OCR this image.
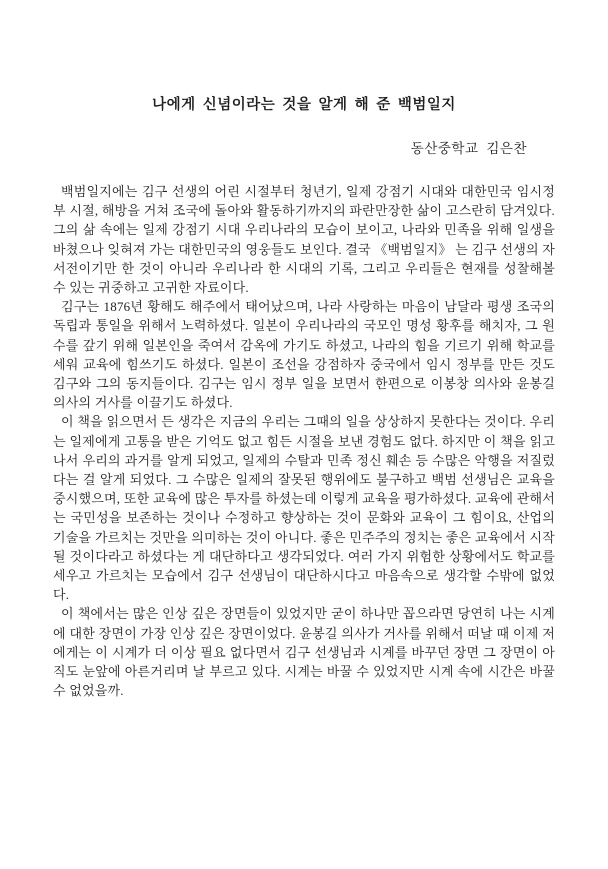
나에게 신념이라는 것을 알게 해 준 백범일지
동산중학교 김은찬

백범일지에는 김구 선생의 어린 시절부터 청년기, 일제 강점기 시대와 대한민국 임시정부 시절, 해방을 거쳐 조국에 돌아와 활동하기까지의 파란만장한 삶이 고스란히 담겨있다. 그의 삶 속에는 일제 강점기 시대 우리나라의 모습이 보이고, 나라와 민족을 위해 일생을 바쳤으나 잊혀져 가는 대한민국의 영웅들도 보인다. 결국 《백범일지》 는 김구 선생의 자서전이기만 한 것이 아니라 우리나라 한 시대의 기록, 그리고 우리들은 현재를 성찰해볼 수 있는 귀중하고 고귀한 자료이다.

김구는 1876년 황해도 해주에서 태어났으며, 나라 사랑하는 마음이 남달라 평생 조국의 독립과 통일을 위해서 노력하셨다. 일본이 우리나라의 국모인 명성 황후를 해치자, 그 원수를 갚기 위해 일본인을 죽여서 감옥에 가기도 하셨고, 나라의 힘을 기르기 위해 학교를 세워 교육에 힘쓰기도 하셨다. 일본이 조선을 강점하자 중국에서 임시 정부를 만든 것도 김구와 그의 동지들이다. 김구는 임시 정부 일을 보면서 한편으로 이봉창 의사와 윤봉길 의사의 거사를 이끌기도 하셨다.

이 책을 읽으면서 든 생각은 지금의 우리는 그때의 일을 상상하지 못한다는 것이다. 우리는 일제에게 고통을 받은 기억도 없고 힘든 시절을 보낸 경험도 없다. 하지만 이 책을 읽고 나서 우리의 과거를 알게 되었고, 일제의 수탈과 민족 정신 훼손 등 수많은 악행을 저질렀다는 걸 알게 되었다. 그 수많은 일제의 잘못된 행위에도 불구하고 백범 선생님은 교육을 중시했으며, 또한 교육에 많은 투자를 하셨는데 이렇게 교육을 평가하셨다. 교육에 관해서는 국민성을 보존하는 것이나 수정하고 향상하는 것이 문화와 교육이 그 힘이요, 산업의 기술을 가르치는 것만을 의미하는 것이 아니다. 좋은 민주주의 정치는 좋은 교육에서 시작될 것이다라고 하셨다는 게 대단하다고 생각되었다. 여러 가지 위험한 상황에서도 학교를 세우고 가르치는 모습에서 김구 선생님이 대단하시다고 마음속으로 생각할 수밖에 없었다.

이 책에서는 많은 인상 깊은 장면들이 있었지만 굳이 하나만 꼽으라면 당연히 나는 시계에 대한 장면이 가장 인상 깊은 장면이었다. 윤봉길 의사가 거사를 위해서 떠날 때 이제 저에게는 이 시계가 더 이상 필요 없다면서 김구 선생님과 시계를 바꾸던 장면 그 장면이 아직도 눈앞에 아른거리며 날 부르고 있다. 시계는 바꿀 수 있었지만 시계 속에 시간은 바꿀 수 없었을까.
